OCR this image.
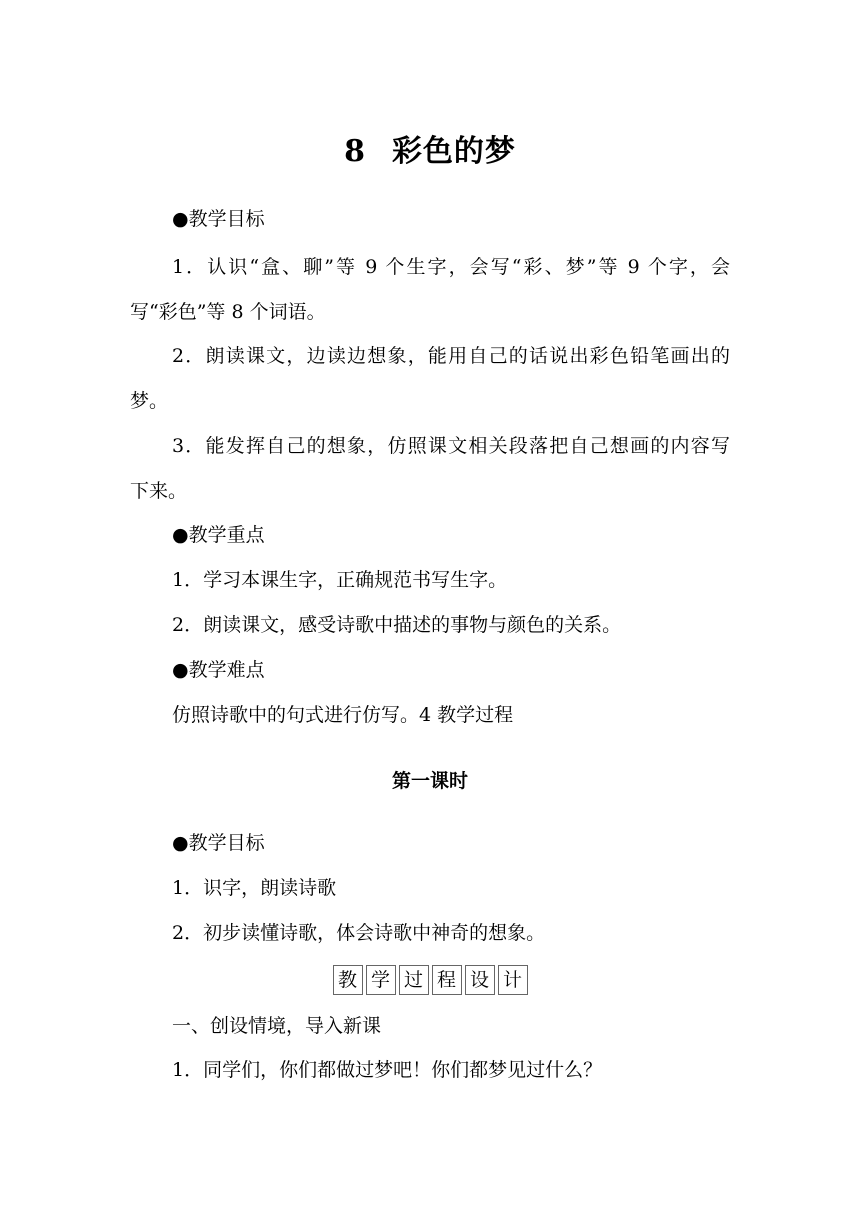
8 彩色的梦
●教学目标
1．认识“盒、聊”等 9 个生字，会写“彩、梦”等 9 个字，会
写“彩色”等 8 个词语。
2．朗读课文，边读边想象，能用自己的话说出彩色铅笔画出的
梦。
3．能发挥自己的想象，仿照课文相关段落把自己想画的内容写
下来。
●教学重点
1．学习本课生字，正确规范书写生字。
2．朗读课文，感受诗歌中描述的事物与颜色的关系。
●教学难点
仿照诗歌中的句式进行仿写。4 教学过程
第一课时
●教学目标
1．识字，朗读诗歌
2．初步读懂诗歌，体会诗歌中神奇的想象。
教 学 过 程 设 计
一、创设情境，导入新课
1．同学们，你们都做过梦吧！你们都梦见过什么？
